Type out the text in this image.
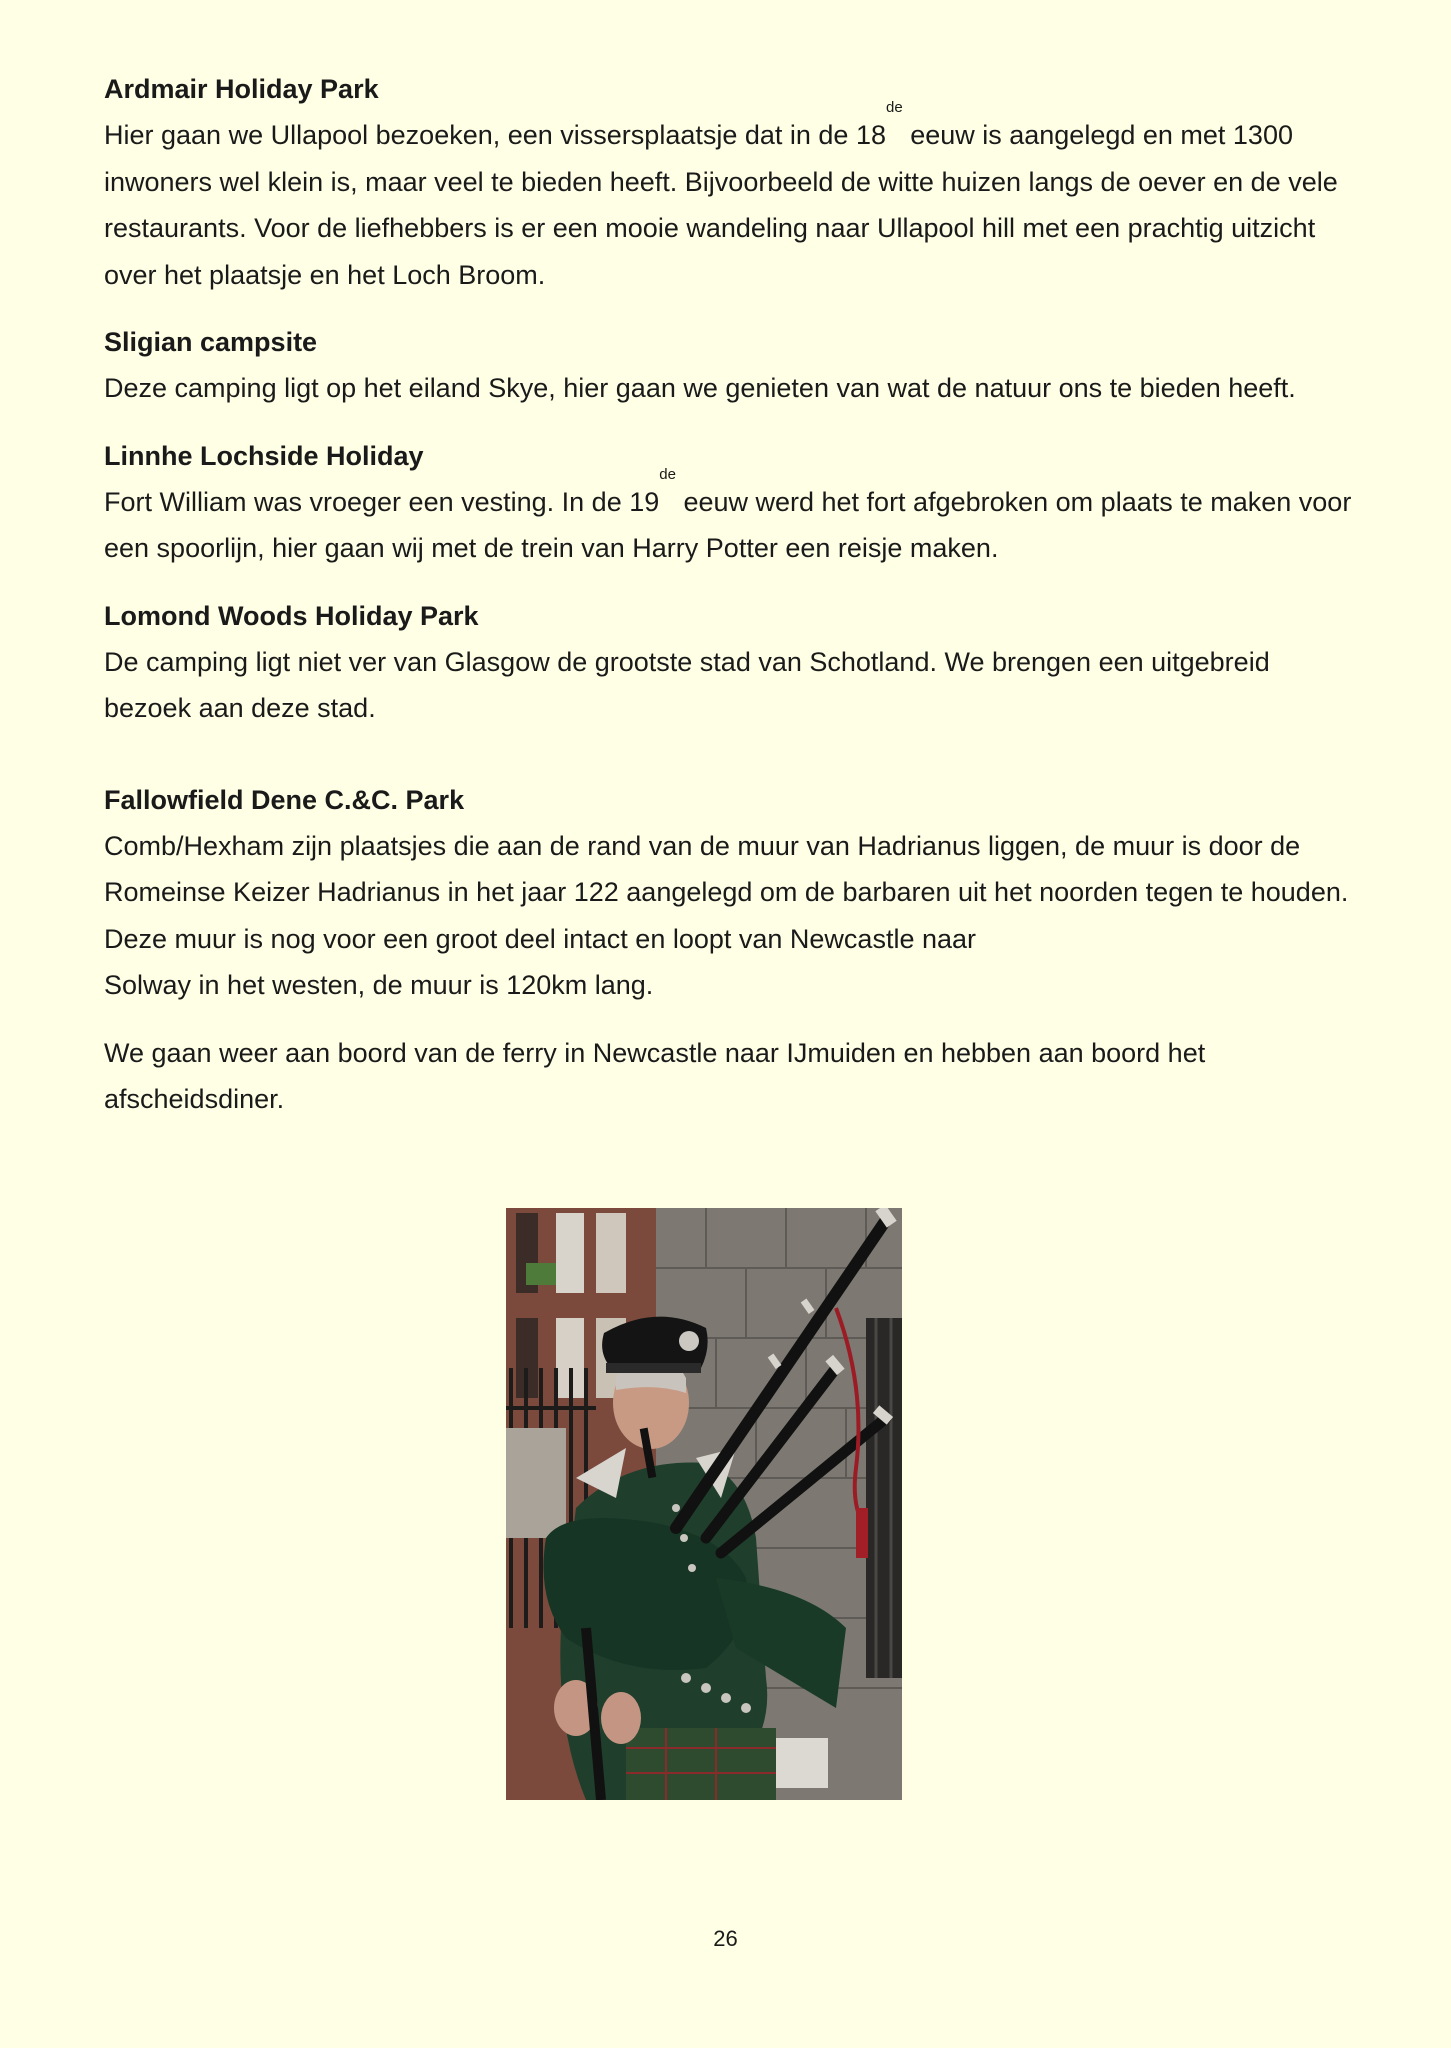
Ardmair Holiday Park

Hier gaan we Ullapool bezoeken, een vissersplaatsje dat in de 18de eeuw is aangelegd en met 1300 inwoners wel klein is, maar veel te bieden heeft. Bijvoorbeeld de witte huizen langs de oever en de vele restaurants. Voor de liefhebbers is er een mooie wandeling naar Ullapool hill met een prachtig uitzicht over het plaatsje en het Loch Broom.

Sligian campsite

Deze camping ligt op het eiland Skye, hier gaan we genieten van wat de natuur ons te bieden heeft.

Linnhe Lochside Holiday

Fort William was vroeger een vesting. In de 19de eeuw werd het fort afgebroken om plaats te maken voor een spoorlijn, hier gaan wij met de trein van Harry Potter een reisje maken.

Lomond Woods Holiday Park

De camping ligt niet ver van Glasgow de grootste stad van Schotland. We brengen een uitgebreid bezoek aan deze stad.

Fallowfield Dene C.&C. Park

Comb/Hexham zijn plaatsjes die aan de rand van de muur van Hadrianus liggen, de muur is door de Romeinse Keizer Hadrianus in het jaar 122 aangelegd om de barbaren uit het noorden tegen te houden. Deze muur is nog voor een groot deel intact en loopt van Newcastle naar
Solway in het westen, de muur is 120km lang.

We gaan weer aan boord van de ferry in Newcastle naar IJmuiden en hebben aan boord het afscheidsdiner.

26
